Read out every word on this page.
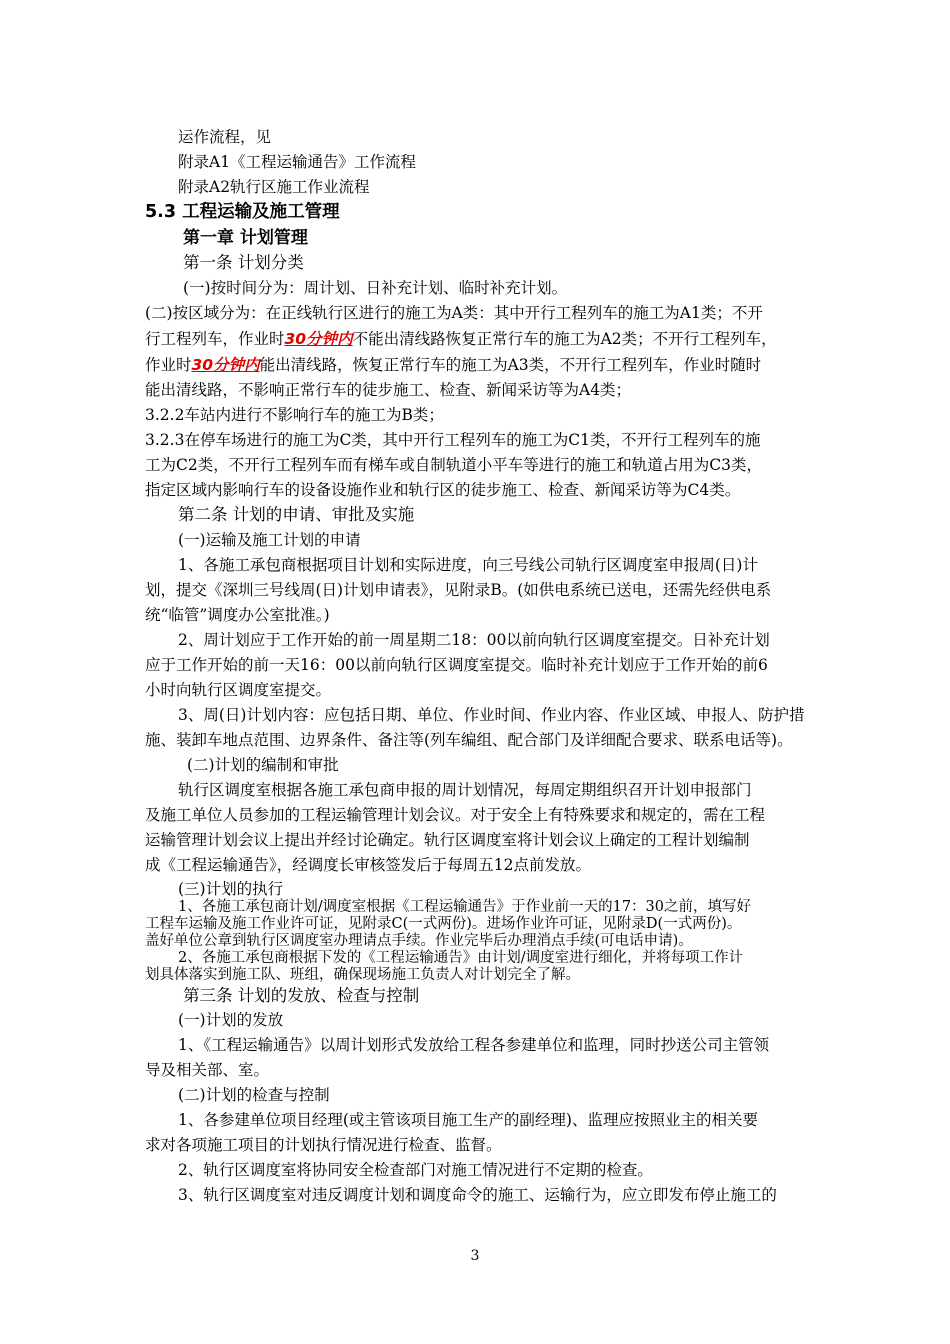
运作流程，见
附录A1《工程运输通告》工作流程
附录A2轨行区施工作业流程
5.3 工程运输及施工管理
第一章 计划管理
第一条 计划分类
(一)按时间分为：周计划、日补充计划、临时补充计划。
(二)按区域分为：在正线轨行区进行的施工为A类：其中开行工程列车的施工为A1类；不开
行工程列车，作业时30分钟内不能出清线路恢复正常行车的施工为A2类；不开行工程列车，
作业时30分钟内能出清线路，恢复正常行车的施工为A3类，不开行工程列车，作业时随时
能出清线路，不影响正常行车的徒步施工、检查、新闻采访等为A4类；
3.2.2车站内进行不影响行车的施工为B类；
3.2.3在停车场进行的施工为C类，其中开行工程列车的施工为C1类，不开行工程列车的施
工为C2类，不开行工程列车而有梯车或自制轨道小平车等进行的施工和轨道占用为C3类，
指定区域内影响行车的设备设施作业和轨行区的徒步施工、检查、新闻采访等为C4类。
第二条 计划的申请、审批及实施
(一)运输及施工计划的申请
1、各施工承包商根据项目计划和实际进度，向三号线公司轨行区调度室申报周(日)计
划，提交《深圳三号线周(日)计划申请表》，见附录B。(如供电系统已送电，还需先经供电系
统“临管”调度办公室批准。)
2、周计划应于工作开始的前一周星期二18：00以前向轨行区调度室提交。日补充计划
应于工作开始的前一天16：00以前向轨行区调度室提交。临时补充计划应于工作开始的前6
小时向轨行区调度室提交。
3、周(日)计划内容：应包括日期、单位、作业时间、作业内容、作业区域、申报人、防护措
施、装卸车地点范围、边界条件、备注等(列车编组、配合部门及详细配合要求、联系电话等)。
(二)计划的编制和审批
轨行区调度室根据各施工承包商申报的周计划情况，每周定期组织召开计划申报部门
及施工单位人员参加的工程运输管理计划会议。对于安全上有特殊要求和规定的，需在工程
运输管理计划会议上提出并经讨论确定。轨行区调度室将计划会议上确定的工程计划编制
成《工程运输通告》，经调度长审核签发后于每周五12点前发放。
(三)计划的执行
1、各施工承包商计划/调度室根据《工程运输通告》于作业前一天的17：30之前，填写好
工程车运输及施工作业许可证，见附录C(一式两份)。进场作业许可证，见附录D(一式两份)。
盖好单位公章到轨行区调度室办理请点手续。作业完毕后办理消点手续(可电话申请)。
2、各施工承包商根据下发的《工程运输通告》由计划/调度室进行细化，并将每项工作计
划具体落实到施工队、班组，确保现场施工负责人对计划完全了解。
第三条 计划的发放、检查与控制
(一)计划的发放
1、《工程运输通告》以周计划形式发放给工程各参建单位和监理，同时抄送公司主管领
导及相关部、室。
(二)计划的检查与控制
1、各参建单位项目经理(或主管该项目施工生产的副经理)、监理应按照业主的相关要
求对各项施工项目的计划执行情况进行检查、监督。
2、轨行区调度室将协同安全检查部门对施工情况进行不定期的检查。
3、轨行区调度室对违反调度计划和调度命令的施工、运输行为，应立即发布停止施工的
3
